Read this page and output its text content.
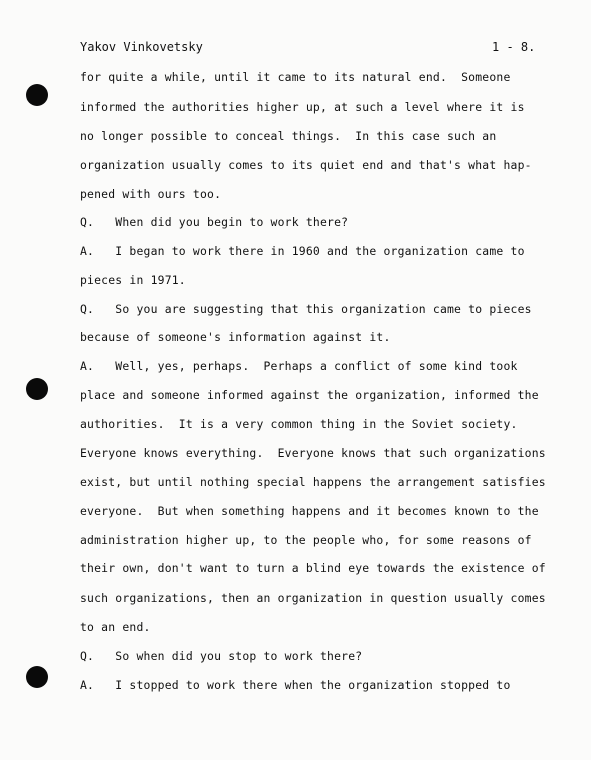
Yakov Vinkovetsky	1 - 8.
for quite a while, until it came to its natural end.  Someone
informed the authorities higher up, at such a level where it is
no longer possible to conceal things.  In this case such an
organization usually comes to its quiet end and that's what hap-
pened with ours too.
Q.   When did you begin to work there?
A.   I began to work there in 1960 and the organization came to
pieces in 1971.
Q.   So you are suggesting that this organization came to pieces
because of someone's information against it.
A.   Well, yes, perhaps.  Perhaps a conflict of some kind took
place and someone informed against the organization, informed the
authorities.  It is a very common thing in the Soviet society.
Everyone knows everything.  Everyone knows that such organizations
exist, but until nothing special happens the arrangement satisfies
everyone.  But when something happens and it becomes known to the
administration higher up, to the people who, for some reasons of
their own, don't want to turn a blind eye towards the existence of
such organizations, then an organization in question usually comes
to an end.
Q.   So when did you stop to work there?
A.   I stopped to work there when the organization stopped to
